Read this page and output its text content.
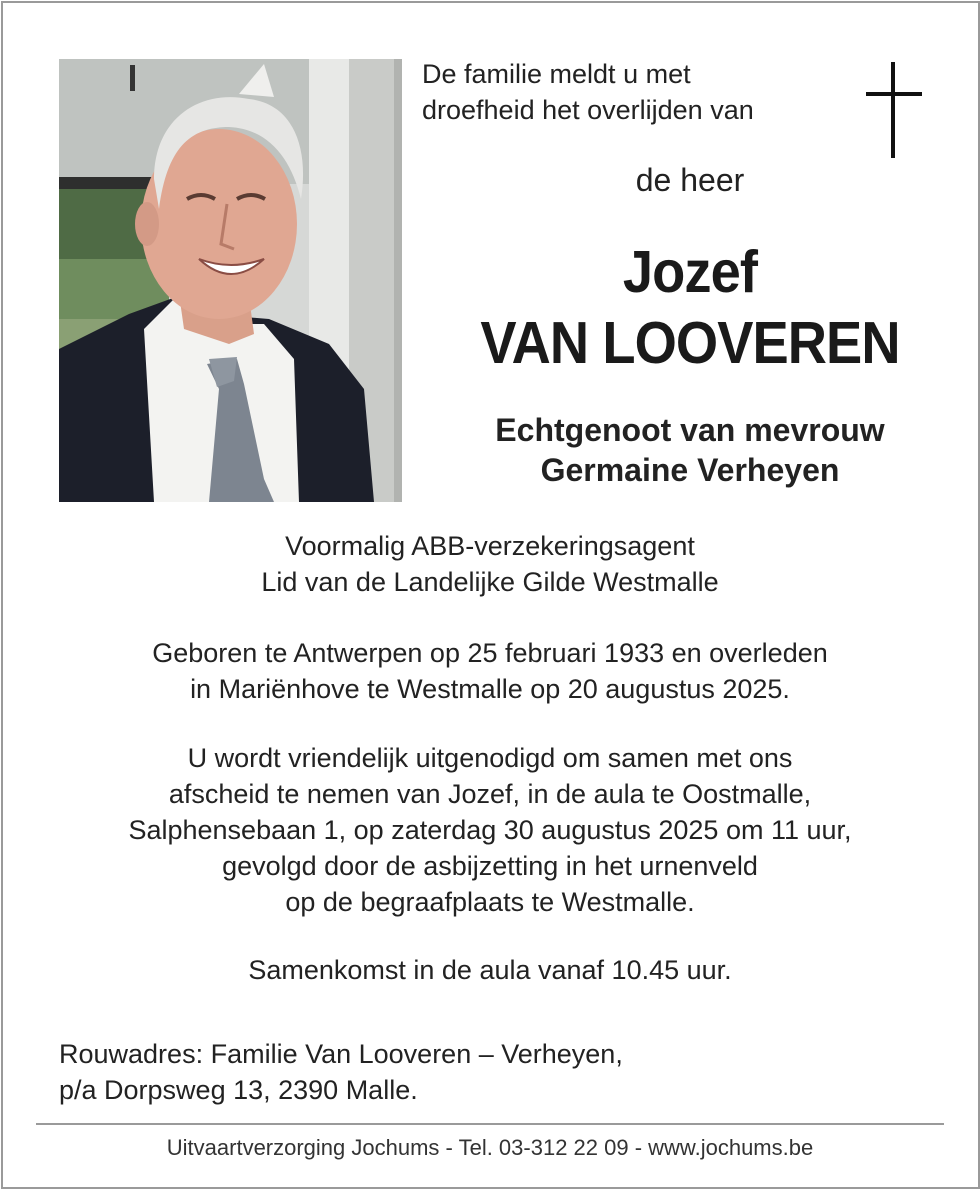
De familie meldt u met
droefheid het overlijden van
de heer
Jozef
VAN LOOVEREN
Echtgenoot van mevrouw
Germaine Verheyen
Voormalig ABB-verzekeringsagent
Lid van de Landelijke Gilde Westmalle
Geboren te Antwerpen op 25 februari 1933 en overleden
in Mariënhove te Westmalle op 20 augustus 2025.
U wordt vriendelijk uitgenodigd om samen met ons
afscheid te nemen van Jozef, in de aula te Oostmalle,
Salphensebaan 1, op zaterdag 30 augustus 2025 om 11 uur,
gevolgd door de asbijzetting in het urnenveld
op de begraafplaats te Westmalle.
Samenkomst in de aula vanaf 10.45 uur.
Rouwadres: Familie Van Looveren – Verheyen,
p/a Dorpsweg 13, 2390 Malle.
Uitvaartverzorging Jochums - Tel. 03-312 22 09 - www.jochums.be
